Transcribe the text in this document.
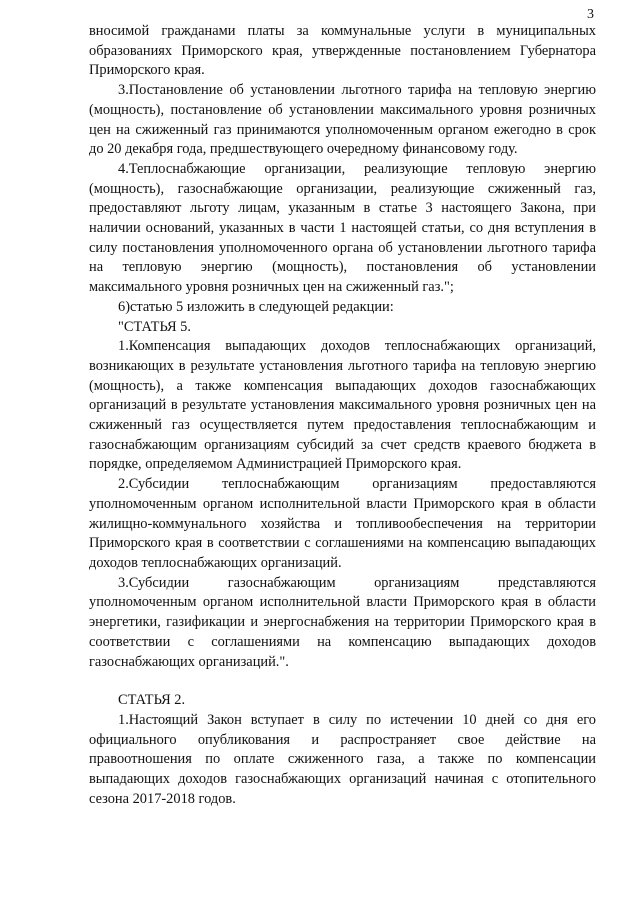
3

вносимой гражданами платы за коммунальные услуги в муниципальных образованиях Приморского края, утвержденные постановлением Губернатора Приморского края.

3.Постановление об установлении льготного тарифа на тепловую энергию (мощность), постановление об установлении максимального уровня розничных цен на сжиженный газ принимаются уполномоченным органом ежегодно в срок до 20 декабря года, предшествующего очередному финансовому году.

4.Теплоснабжающие организации, реализующие тепловую энергию (мощность), газоснабжающие организации, реализующие сжиженный газ, предоставляют льготу лицам, указанным в статье 3 настоящего Закона, при наличии оснований, указанных в части 1 настоящей статьи, со дня вступления в силу постановления уполномоченного органа об установлении льготного тарифа на тепловую энергию (мощность), постановления об установлении максимального уровня розничных цен на сжиженный газ.";

6)статью 5 изложить в следующей редакции:

"СТАТЬЯ 5.

1.Компенсация выпадающих доходов теплоснабжающих организаций, возникающих в результате установления льготного тарифа на тепловую энергию (мощность), а также компенсация выпадающих доходов газоснабжающих организаций в результате установления максимального уровня розничных цен на сжиженный газ осуществляется путем предоставления теплоснабжающим и газоснабжающим организациям субсидий за счет средств краевого бюджета в порядке, определяемом Администрацией Приморского края.

2.Субсидии теплоснабжающим организациям предоставляются уполномоченным органом исполнительной власти Приморского края в области жилищно-коммунального хозяйства и топливообеспечения на территории Приморского края в соответствии с соглашениями на компенсацию выпадающих доходов теплоснабжающих организаций.

3.Субсидии газоснабжающим организациям представляются уполномоченным органом исполнительной власти Приморского края в области энергетики, газификации и энергоснабжения на территории Приморского края в соответствии с соглашениями на компенсацию выпадающих доходов газоснабжающих организаций.".

СТАТЬЯ 2.

1.Настоящий Закон вступает в силу по истечении 10 дней со дня его официального опубликования и распространяет свое действие на правоотношения по оплате сжиженного газа, а также по компенсации выпадающих доходов газоснабжающих организаций начиная с отопительного сезона 2017-2018 годов.
